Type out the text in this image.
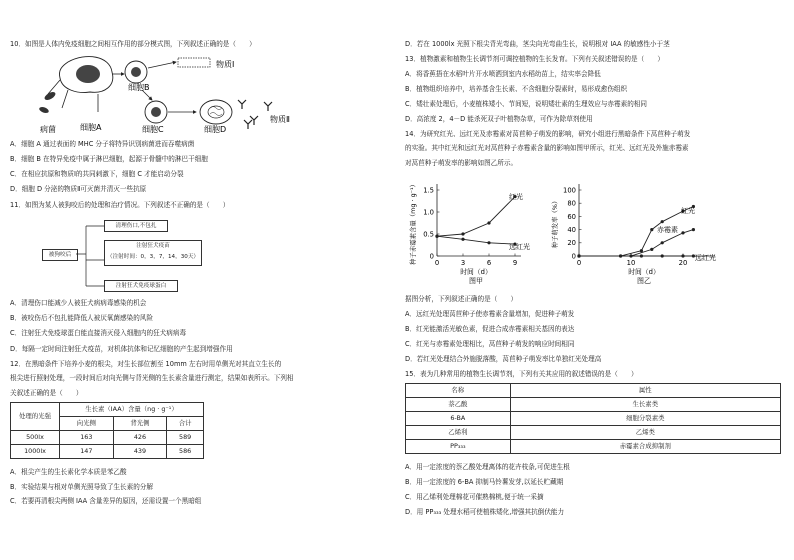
10．如图是人体内免疫细胞之间相互作用的部分模式图，下列叙述正确的是（　　）
病菌
细胞B
物质Ⅰ
细胞A	细胞C	细胞D
物质Ⅱ
A．细胞 A 通过表面的 MHC 分子将特异识别病菌进而吞噬病菌
B．细胞 B 在特异免疫中属于淋巴细胞，起源于骨髓中的淋巴干细胞
C．在相应抗原和物质Ⅰ的共同刺激下，细胞 C 才能启动分裂
D．细胞 D 分泌的物质Ⅱ可灭菌并清灭一些抗原
11．如图为某人被狗咬后的处理和治疗情况。下列叙述不正确的是（　　）
被狗咬后
清理伤口,不包扎
注射狂犬疫苗
（注射时间：0，3，7，14，30天）
注射狂犬免疫球蛋白
A．清理伤口能减少人被狂犬病病毒感染的机会
B．被咬伤后不包扎能降低人被厌氧菌感染的风险
C．注射狂犬免疫球蛋白能直接消灭侵入细胞内的狂犬病病毒
D．每隔一定时间注射狂犬疫苗，对机体抗体和记忆细胞的产生起到增强作用
12．在黑暗条件下培养小麦的根尖，对生长部位割至 10mm 左右时用单侧光对其直立生长的
根尖进行照射处理，一段时间后对向光侧与背光侧的生长素含量进行测定，结果如表所示。下列相
关叙述正确的是（　　）
处理的光强	生长素（IAA）含量（ng · g⁻¹）		
	向光侧	背光侧	合计
500lx	163	426	589
1000lx	147	439	586
A．根尖产生的生长素化学本质是苯乙酸
B．实验结果与根对单侧光照导致了生长素的分解
C．若要再清根尖两侧 IAA 含量差异的原因，还需设置一个黑暗组
D．若在 1000lx 光照下根尖背光弯曲，茎尖向光弯曲生长，说明根对 IAA 的敏感性小于茎
13．植物激素和植物生长调节剂可调控植物的生长发育。下列有关叙述错误的是（　　）
A．将香蕉捂在水稻叶片开水喷洒到室内水稻幼苗上，结实率会降低
B．植物组织培养中，培养基含生长素、不含细胞分裂素时，易形成愈伤组织
C．矮壮素处理后，小麦植株矮小、节间短，说明矮壮素的生理效应与赤霉素的相同
D．高浓度 2，4－D 能杀死双子叶植物杂草，可作为除草剂使用
14．为研究红光、远红光及赤霉素对莴苣种子萌发的影响，研究小组进行黑暗条件下莴苣种子萌发
的实验。其中红光和远红光对莴苣种子赤霉素含量的影响如图甲所示，红光、远红光及外施赤霉素
对莴苣种子萌发率的影响如图乙所示。
0
0.5
1.0
1.5
0	3	6	9
时间（d）
图甲
种子赤霉素含量（mg · g⁻¹）	红光
远红光
0
20
40
60
80
100
0	10	20
时间（d）
图乙
种子萌发率（%）	红光
赤霉素
远红光
据图分析，下列叙述正确的是（　　）
A．远红光处理莴苣种子使赤霉素含量增加，促进种子萌发
B．红光能激活光敏色素，促进合成赤霉素相关基因的表达
C．红光与赤霉素处理相比，莴苣种子萌发的响应时间相同
D．若红光处理结合外施脱落酸，莴苣种子萌发率比单独红光处理高
15．表为几种常用的植物生长调节剂，下列有关其应用的叙述错误的是（　　）
名称	属性
萘乙酸	生长素类
6-BA	细胞分裂素类
乙烯利	乙烯类
PP₃₃₃	赤霉素合成抑制剂
A．用一定浓度的萘乙酸处理离体的花卉枝条,可促进生根
B．用一定浓度的 6-BA 抑制马铃薯发芽,以延长贮藏期
C．用乙烯利处理棉花可催熟棉桃,便于统一采摘
D．用 PP₃₃₃ 处理水稻可使植株矮化,增强其抗倒伏能力
